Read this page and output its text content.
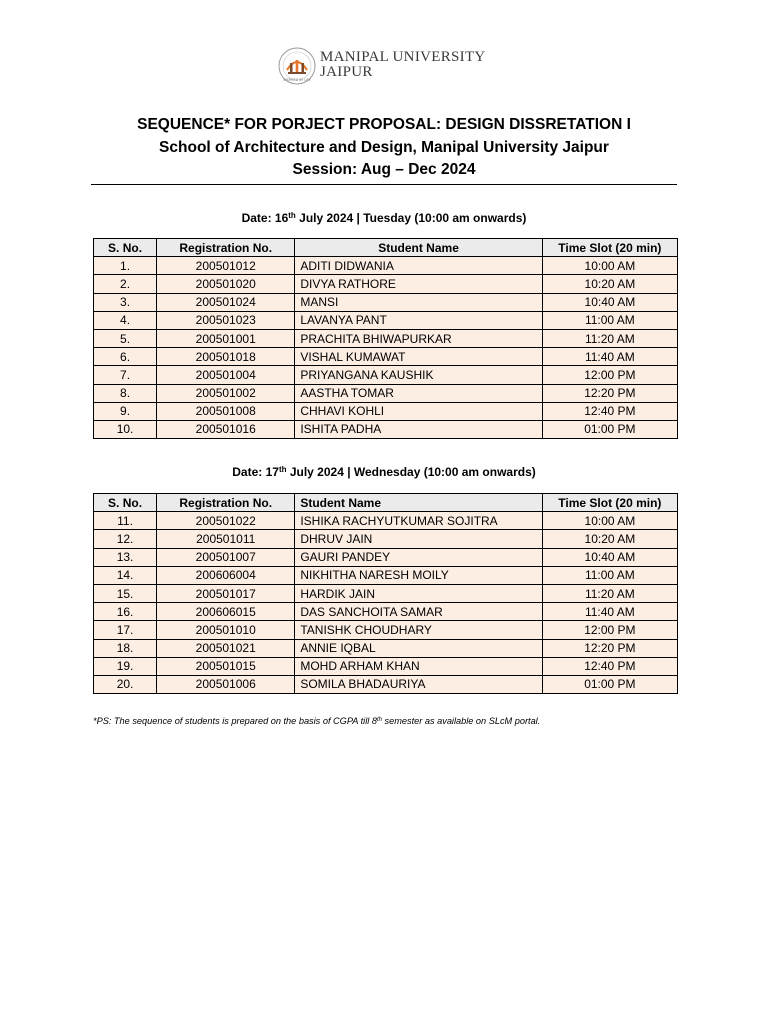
INSPIRED BY LIFE
MANIPAL UNIVERSITY
JAIPUR
SEQUENCE* FOR PORJECT PROPOSAL: DESIGN DISSRETATION I
School of Architecture and Design, Manipal University Jaipur
Session: Aug – Dec 2024
Date: 16th July 2024 | Tuesday (10:00 am onwards)
S. No.	Registration No.	Student Name	Time Slot (20 min)
1.	200501012	ADITI DIDWANIA	10:00 AM
2.	200501020	DIVYA RATHORE	10:20 AM
3.	200501024	MANSI	10:40 AM
4.	200501023	LAVANYA PANT	11:00 AM
5.	200501001	PRACHITA BHIWAPURKAR	11:20 AM
6.	200501018	VISHAL KUMAWAT	11:40 AM
7.	200501004	PRIYANGANA KAUSHIK	12:00 PM
8.	200501002	AASTHA TOMAR	12:20 PM
9.	200501008	CHHAVI KOHLI	12:40 PM
10.	200501016	ISHITA PADHA	01:00 PM
Date: 17th July 2024 | Wednesday (10:00 am onwards)
S. No.	Registration No.	Student Name	Time Slot (20 min)
11.	200501022	ISHIKA RACHYUTKUMAR SOJITRA	10:00 AM
12.	200501011	DHRUV JAIN	10:20 AM
13.	200501007	GAURI PANDEY	10:40 AM
14.	200606004	NIKHITHA NARESH MOILY	11:00 AM
15.	200501017	HARDIK JAIN	11:20 AM
16.	200606015	DAS SANCHOITA SAMAR	11:40 AM
17.	200501010	TANISHK CHOUDHARY	12:00 PM
18.	200501021	ANNIE IQBAL	12:20 PM
19.	200501015	MOHD ARHAM KHAN	12:40 PM
20.	200501006	SOMILA BHADAURIYA	01:00 PM
*PS: The sequence of students is prepared on the basis of CGPA till 8th semester as available on SLcM portal.
